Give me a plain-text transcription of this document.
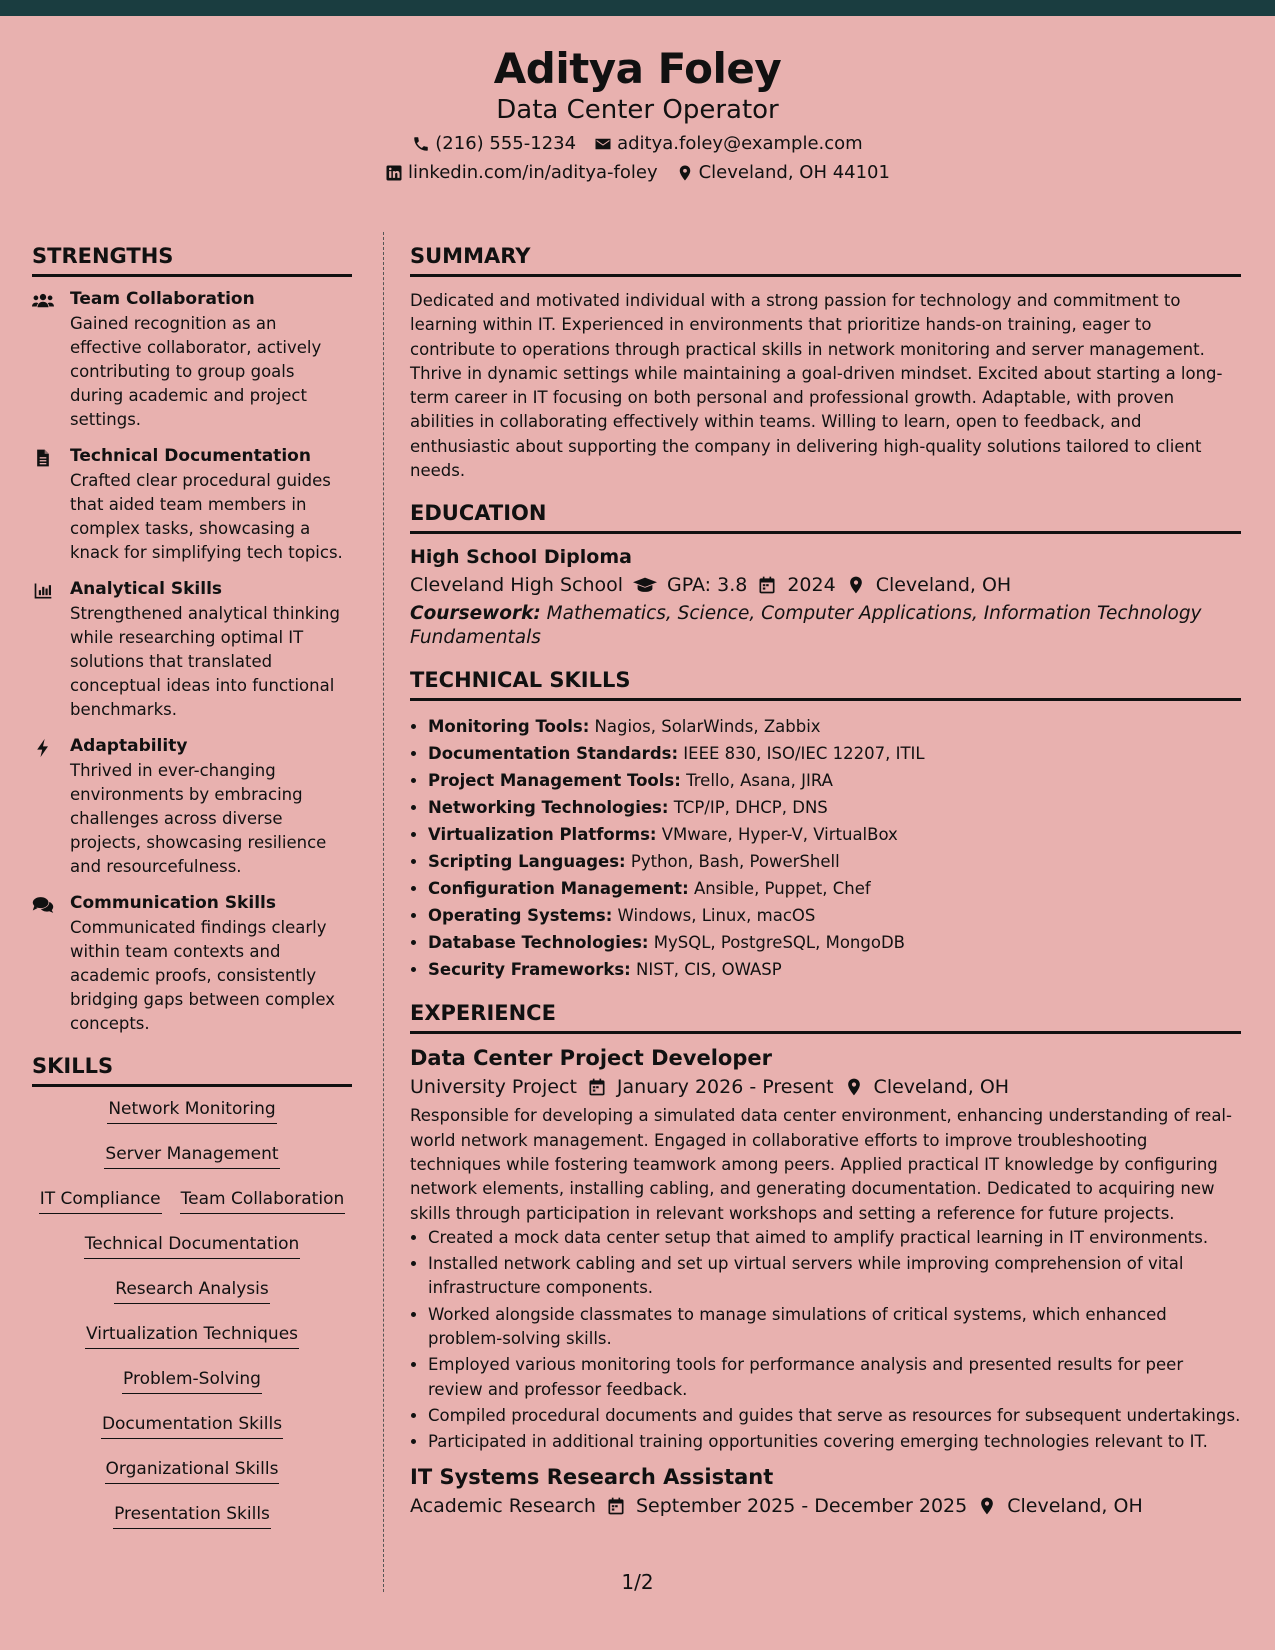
Aditya Foley
Data Center Operator
(216) 555-1234 aditya.foley@example.com
linkedin.com/in/aditya-foley Cleveland, OH 44101
STRENGTHS
Team Collaboration
Gained recognition as an effective collaborator, actively contributing to group goals during academic and project settings.
Technical Documentation
Crafted clear procedural guides that aided team members in complex tasks, showcasing a knack for simplifying tech topics.
Analytical Skills
Strengthened analytical thinking while researching optimal IT solutions that translated conceptual ideas into functional benchmarks.
Adaptability
Thrived in ever-changing environments by embracing challenges across diverse projects, showcasing resilience and resourcefulness.
Communication Skills
Communicated findings clearly within team contexts and academic proofs, consistently bridging gaps between complex concepts.
SKILLS
Network Monitoring
Server Management
IT Compliance Team Collaboration
Technical Documentation
Research Analysis
Virtualization Techniques
Problem-Solving
Documentation Skills
Organizational Skills
Presentation Skills
SUMMARY
Dedicated and motivated individual with a strong passion for technology and commitment to learning within IT. Experienced in environments that prioritize hands-on training, eager to contribute to operations through practical skills in network monitoring and server management. Thrive in dynamic settings while maintaining a goal-driven mindset. Excited about starting a long-term career in IT focusing on both personal and professional growth. Adaptable, with proven abilities in collaborating effectively within teams. Willing to learn, open to feedback, and enthusiastic about supporting the company in delivering high-quality solutions tailored to client needs.
EDUCATION
High School Diploma
Cleveland High School GPA: 3.8 2024 Cleveland, OH
Coursework: Mathematics, Science, Computer Applications, Information Technology Fundamentals
TECHNICAL SKILLS
• Monitoring Tools: Nagios, SolarWinds, Zabbix
• Documentation Standards: IEEE 830, ISO/IEC 12207, ITIL
• Project Management Tools: Trello, Asana, JIRA
• Networking Technologies: TCP/IP, DHCP, DNS
• Virtualization Platforms: VMware, Hyper-V, VirtualBox
• Scripting Languages: Python, Bash, PowerShell
• Configuration Management: Ansible, Puppet, Chef
• Operating Systems: Windows, Linux, macOS
• Database Technologies: MySQL, PostgreSQL, MongoDB
• Security Frameworks: NIST, CIS, OWASP
EXPERIENCE
Data Center Project Developer
University Project January 2026 - Present Cleveland, OH
Responsible for developing a simulated data center environment, enhancing understanding of real-world network management. Engaged in collaborative efforts to improve troubleshooting techniques while fostering teamwork among peers. Applied practical IT knowledge by configuring network elements, installing cabling, and generating documentation. Dedicated to acquiring new skills through participation in relevant workshops and setting a reference for future projects.
• Created a mock data center setup that aimed to amplify practical learning in IT environments.
• Installed network cabling and set up virtual servers while improving comprehension of vital infrastructure components.
• Worked alongside classmates to manage simulations of critical systems, which enhanced problem-solving skills.
• Employed various monitoring tools for performance analysis and presented results for peer review and professor feedback.
• Compiled procedural documents and guides that serve as resources for subsequent undertakings.
• Participated in additional training opportunities covering emerging technologies relevant to IT.
IT Systems Research Assistant
Academic Research September 2025 - December 2025 Cleveland, OH
1/2
